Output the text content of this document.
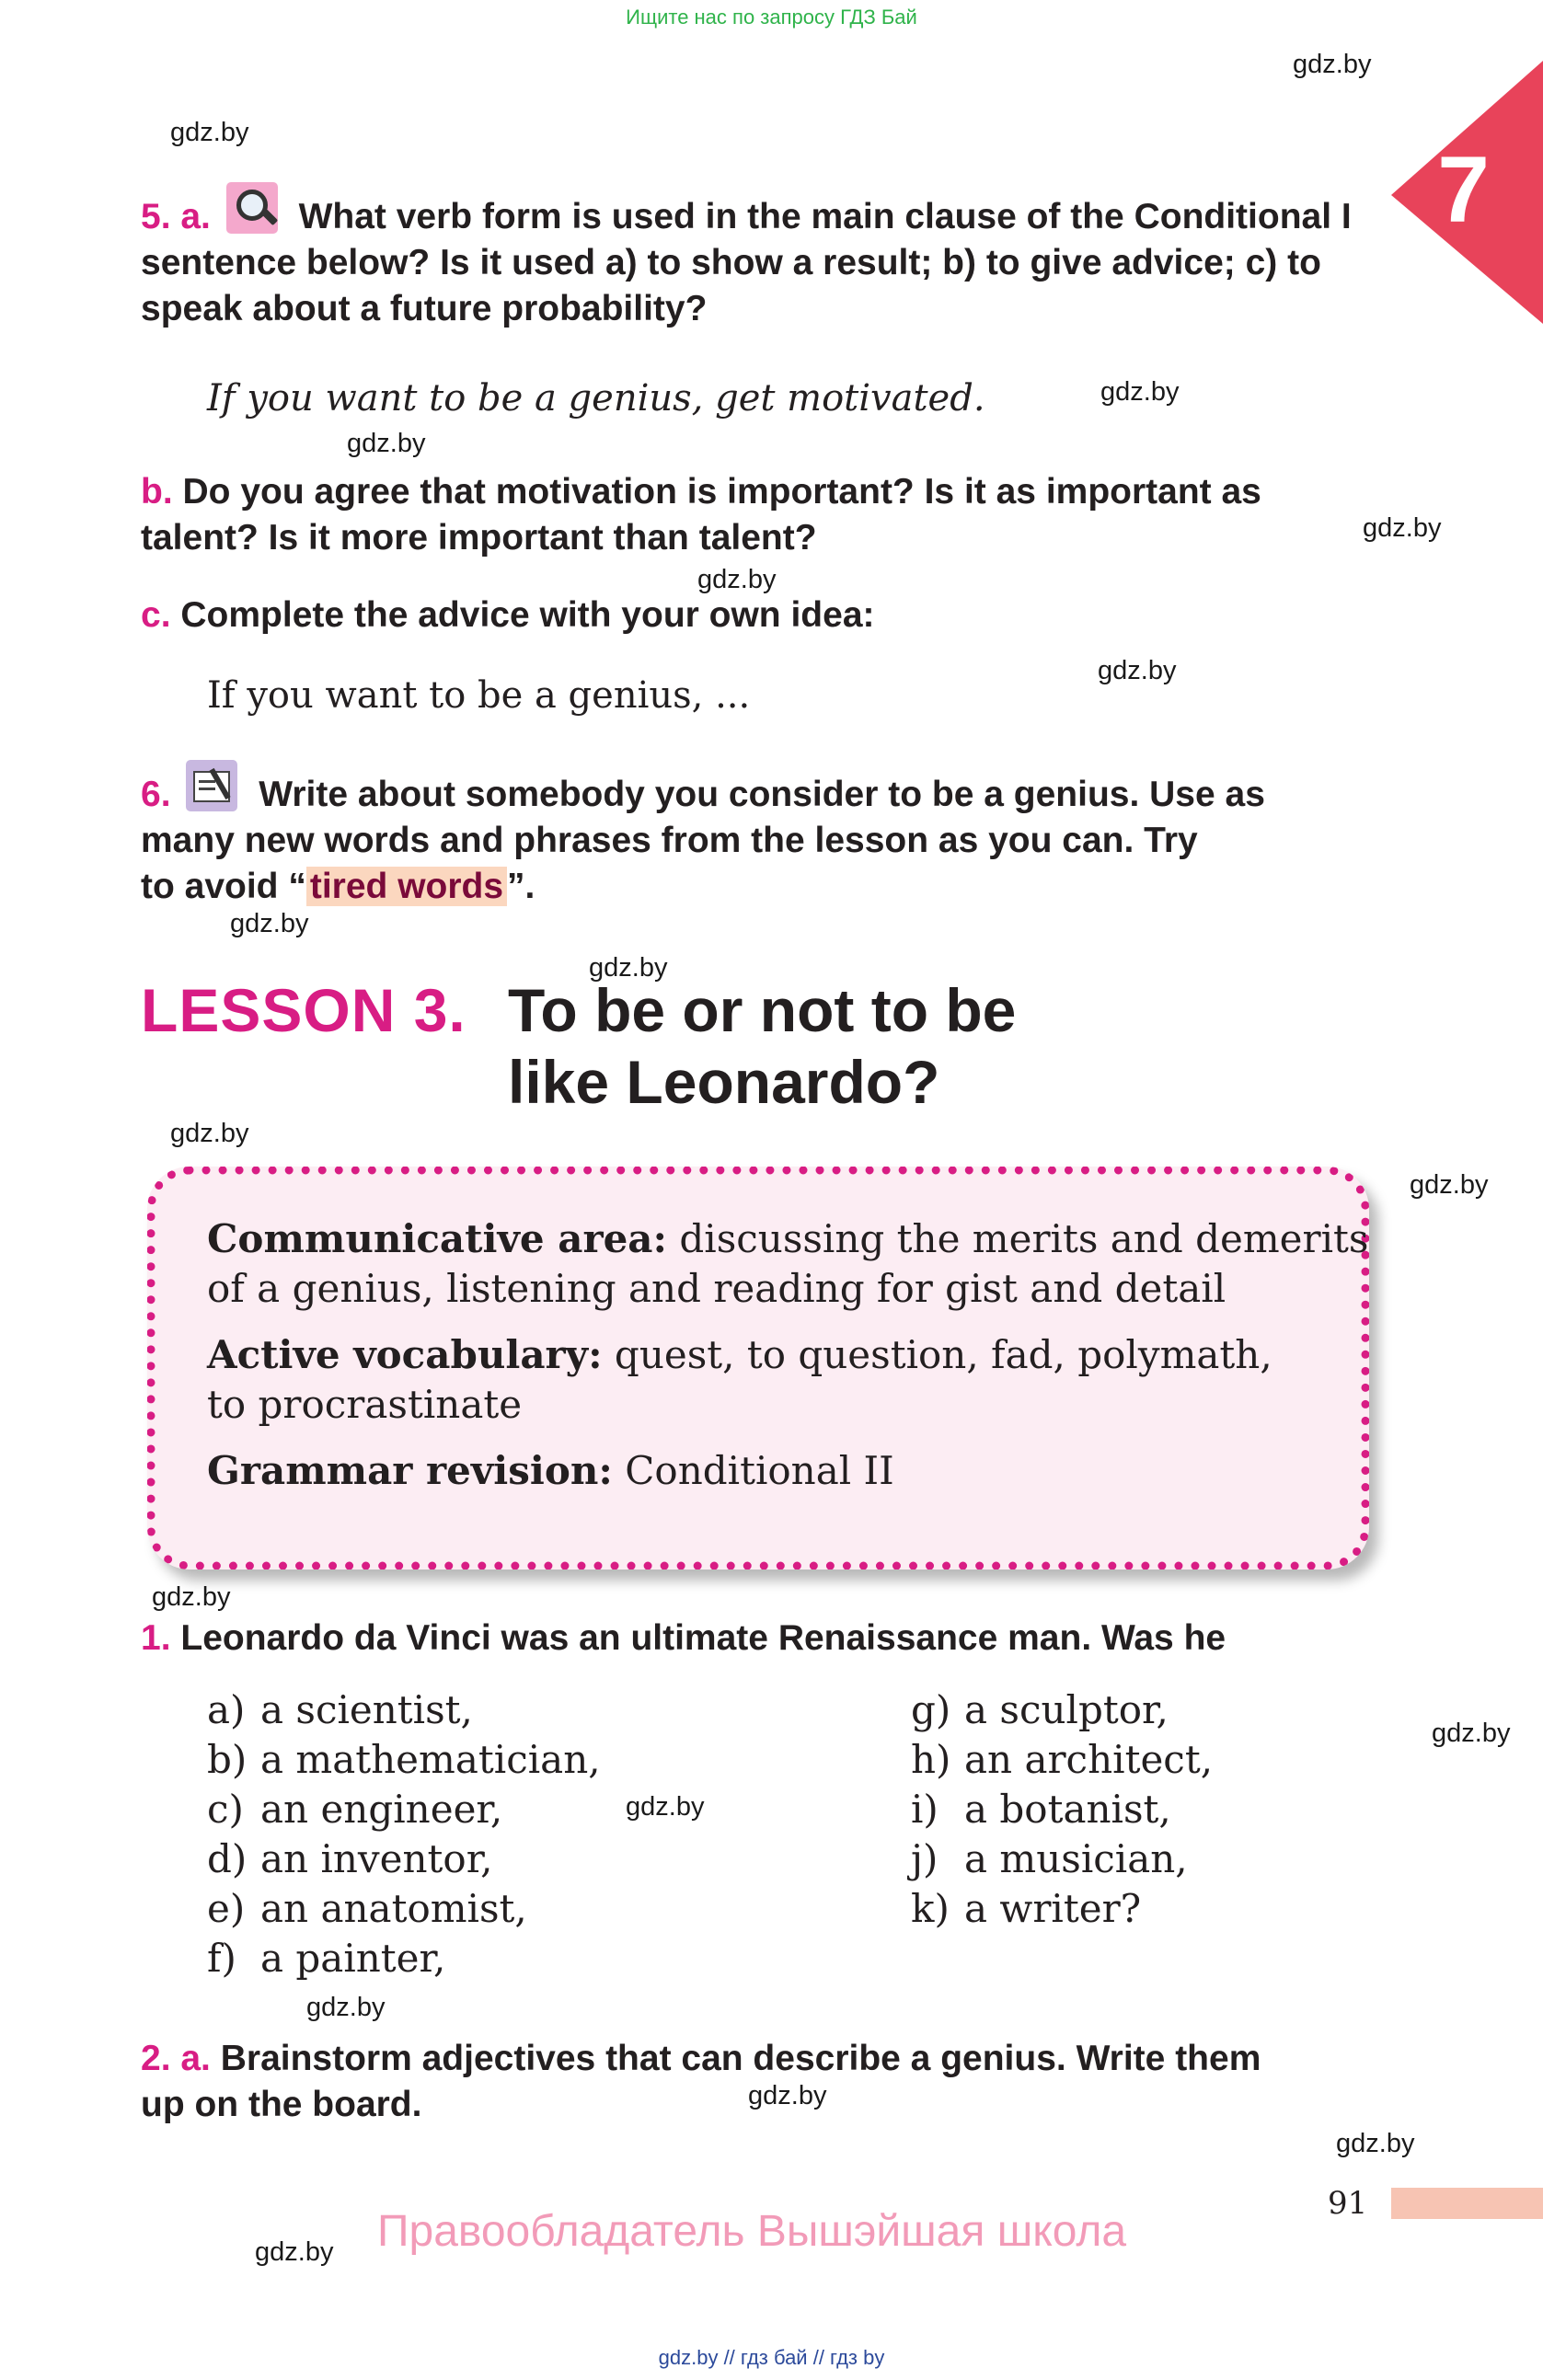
Ищите нас по запросу ГДЗ Бай
7
gdz.by
gdz.by
gdz.by
gdz.by
gdz.by
gdz.by
gdz.by
gdz.by
gdz.by
gdz.by
gdz.by
gdz.by
gdz.by
gdz.by
gdz.by
gdz.by
gdz.by
gdz.by
5. a. What verb form is used in the main clause of the Conditional I
sentence below? Is it used a) to show a result; b) to give advice; c) to
speak about a future probability?
If you want to be a genius, get motivated.
b. Do you agree that motivation is important? Is it as important as
talent? Is it more important than talent?
c. Complete the advice with your own idea:
If you want to be a genius, ...
6. Write about somebody you consider to be a genius. Use as
many new words and phrases from the lesson as you can. Try
to avoid “ tired words ”.
LESSON 3. To be or not to be
like Leonardo?
Communicative area: discussing the merits and demerits
of a genius, listening and reading for gist and detail
Active vocabulary: quest, to question, fad, polymath,
to procrastinate
Grammar revision: Conditional II
1. Leonardo da Vinci was an ultimate Renaissance man. Was he
a) a scientist,
b) a mathematician,
c) an engineer,
d) an inventor,
e) an anatomist,
f) a painter,
g) a sculptor,
h) an architect,
i) a botanist,
j) a musician,
k) a writer?
2. a. Brainstorm adjectives that can describe a genius. Write them
up on the board.
91
Правообладатель Вышэйшая школа
gdz.by // гдз бай // гдз by
